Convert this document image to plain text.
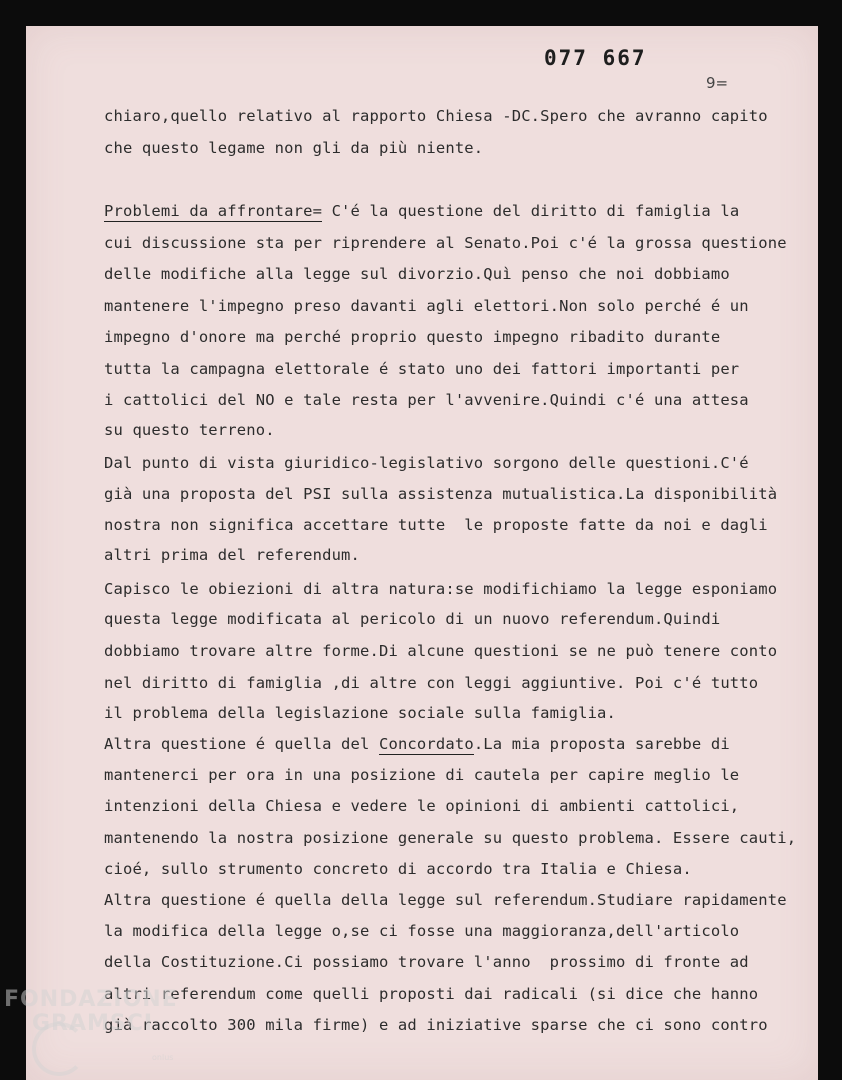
077 667
9=
chiaro,quello relativo al rapporto Chiesa -DC.Spero che avranno capito
che questo legame non gli da più niente.
Problemi da affrontare= C'é la questione del diritto di famiglia la
cui discussione sta per riprendere al Senato.Poi c'é la grossa questione
delle modifiche alla legge sul divorzio.Quì penso che noi dobbiamo
mantenere l'impegno preso davanti agli elettori.Non solo perché é un
impegno d'onore ma perché proprio questo impegno ribadito durante
tutta la campagna elettorale é stato uno dei fattori importanti per
i cattolici del NO e tale resta per l'avvenire.Quindi c'é una attesa
su questo terreno.
Dal punto di vista giuridico-legislativo sorgono delle questioni.C'é
già una proposta del PSI sulla assistenza mutualistica.La disponibilità
nostra non significa accettare tutte  le proposte fatte da noi e dagli
altri prima del referendum.
Capisco le obiezioni di altra natura:se modifichiamo la legge esponiamo
questa legge modificata al pericolo di un nuovo referendum.Quindi
dobbiamo trovare altre forme.Di alcune questioni se ne può tenere conto
nel diritto di famiglia ,di altre con leggi aggiuntive. Poi c'é tutto
il problema della legislazione sociale sulla famiglia.
Altra questione é quella del Concordato.La mia proposta sarebbe di
mantenerci per ora in una posizione di cautela per capire meglio le
intenzioni della Chiesa e vedere le opinioni di ambienti cattolici,
mantenendo la nostra posizione generale su questo problema. Essere cauti,
cioé, sullo strumento concreto di accordo tra Italia e Chiesa.
Altra questione é quella della legge sul referendum.Studiare rapidamente
la modifica della legge o,se ci fosse una maggioranza,dell'articolo
della Costituzione.Ci possiamo trovare l'anno  prossimo di fronte ad
altri referendum come quelli proposti dai radicali (si dice che hanno
già raccolto 300 mila firme) e ad iniziative sparse che ci sono contro
FONDAZIONE
GRAMSCI
onlus
